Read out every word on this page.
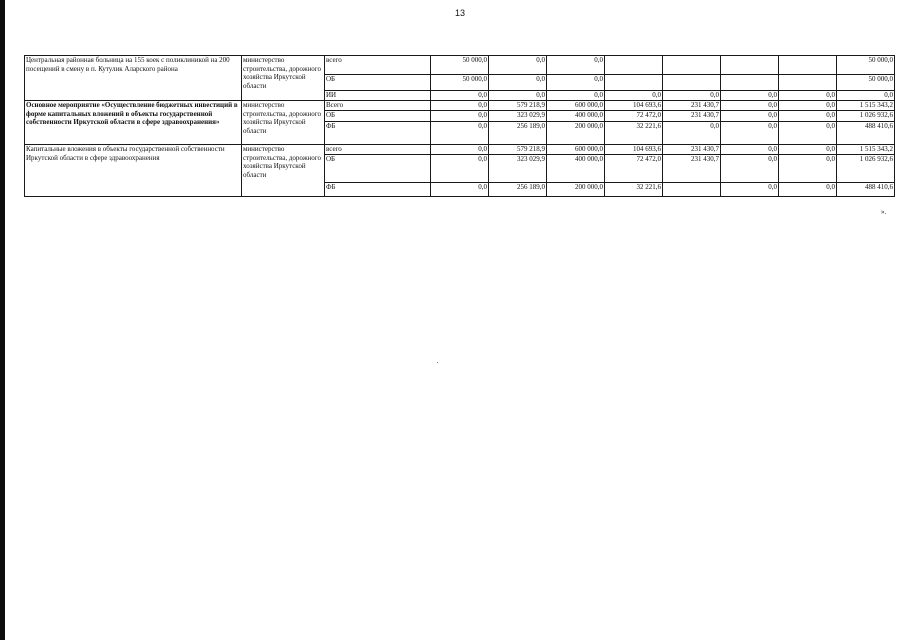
13
Центральная районная больница на 155 коек с поликлиникой на 200 посещений в смену в п. Кутулик Аларского района	министерство строительства, дорожного хозяйства Иркутской области	всего	50 000,0	0,0	0,0					50 000,0
		ОБ	50 000,0	0,0	0,0					50 000,0
		ИИ	0,0	0,0	0,0	0,0	0,0	0,0	0,0	0,0
Основное мероприятие «Осуществление бюджетных инвестиций в форме капитальных вложений в объекты государственной собственности Иркутской области в сфере здравоохранения»	министерство строительства, дорожного хозяйства Иркутской области	Всего	0,0	579 218,9	600 000,0	104 693,6	231 430,7	0,0	0,0	1 515 343,2
		ОБ	0,0	323 029,9	400 000,0	72 472,0	231 430,7	0,0	0,0	1 026 932,6
		ФБ	0,0	256 189,0	200 000,0	32 221,6	0,0	0,0	0,0	488 410,6
Капитальные вложения в объекты государственной собственности Иркутской области в сфере здравоохранения	министерство строительства, дорожного хозяйства Иркутской области	всего	0,0	579 218,9	600 000,0	104 693,6	231 430,7	0,0	0,0	1 515 343,2
		ОБ	0,0	323 029,9	400 000,0	72 472,0	231 430,7	0,0	0,0	1 026 932,6
		ФБ	0,0	256 189,0	200 000,0	32 221,6		0,0	0,0	488 410,6
».
